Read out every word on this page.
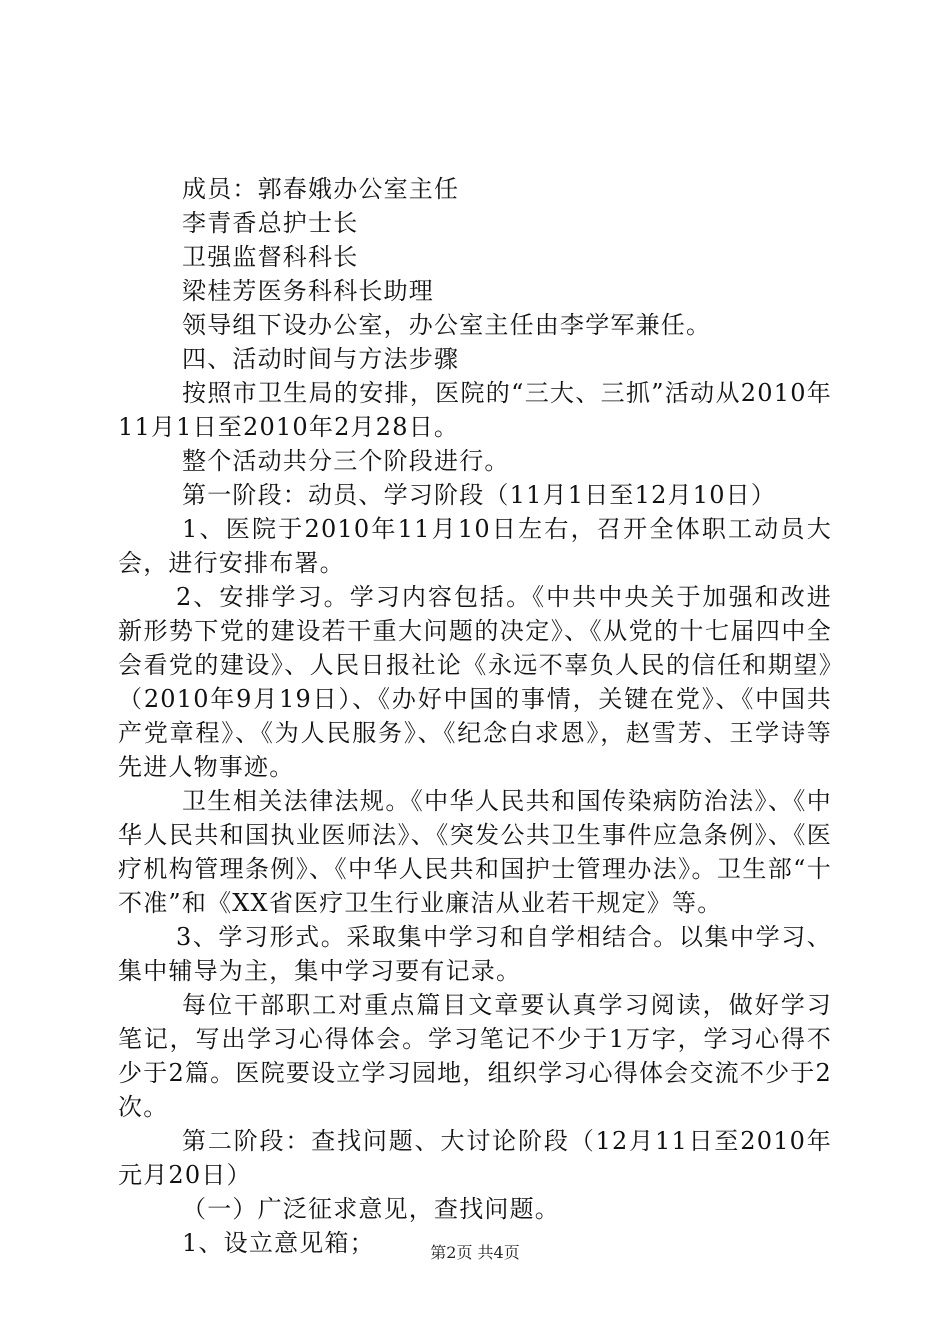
成员：郭春娥办公室主任

李青香总护士长

卫强监督科科长

梁桂芳医务科科长助理

领导组下设办公室，办公室主任由李学军兼任。

四、活动时间与方法步骤

按照市卫生局的安排，医院的“三大、三抓”活动从2010年11月1日至2010年2月28日。

整个活动共分三个阶段进行。

第一阶段：动员、学习阶段（11月1日至12月10日）

1、医院于2010年11月10日左右，召开全体职工动员大会，进行安排布署。

2、安排学习。学习内容包括。《中共中央关于加强和改进新形势下党的建设若干重大问题的决定》、《从党的十七届四中全会看党的建设》、人民日报社论《永远不辜负人民的信任和期望》（2010年9月19日）、《办好中国的事情，关键在党》、《中国共产党章程》、《为人民服务》、《纪念白求恩》，赵雪芳、王学诗等先进人物事迹。

卫生相关法律法规。《中华人民共和国传染病防治法》、《中华人民共和国执业医师法》、《突发公共卫生事件应急条例》、《医疗机构管理条例》、《中华人民共和国护士管理办法》。卫生部“十不准”和《XX省医疗卫生行业廉洁从业若干规定》等。

3、学习形式。采取集中学习和自学相结合。以集中学习、集中辅导为主，集中学习要有记录。

每位干部职工对重点篇目文章要认真学习阅读，做好学习笔记，写出学习心得体会。学习笔记不少于1万字，学习心得不少于2篇。医院要设立学习园地，组织学习心得体会交流不少于2次。

第二阶段：查找问题、大讨论阶段（12月11日至2010年元月20日）

（一）广泛征求意见，查找问题。

1、设立意见箱；	第2页 共4页
